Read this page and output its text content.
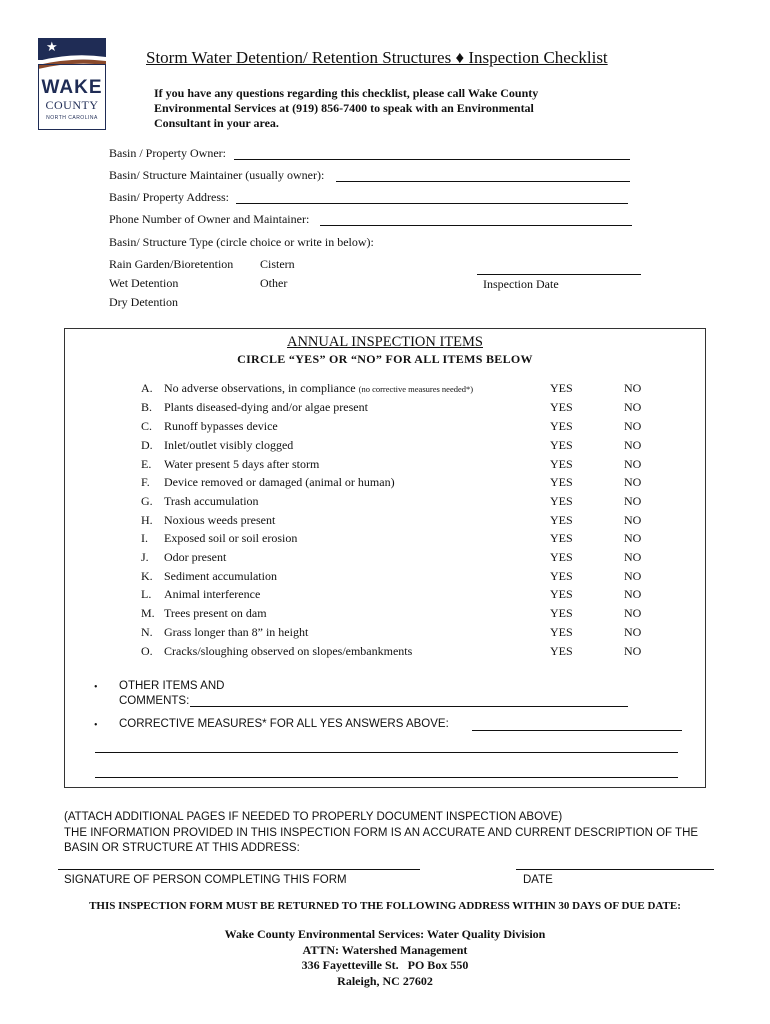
★
WAKE
COUNTY
NORTH CAROLINA
Storm Water Detention/ Retention Structures ♦ Inspection Checklist
If you have any questions regarding this checklist, please call Wake County Environmental Services at (919) 856-7400 to speak with an Environmental Consultant in your area.
Basin / Property Owner:
Basin/ Structure Maintainer (usually owner):
Basin/ Property Address:
Phone Number of Owner and Maintainer:
Basin/ Structure Type (circle choice or write in below):
Rain Garden/Bioretention Cistern
Wet Detention	Other
Dry Detention
Inspection Date
ANNUAL INSPECTION ITEMS
CIRCLE “YES” OR “NO” FOR ALL ITEMS BELOW
A. No adverse observations, in compliance (no corrective measures needed*)	YES	NO
B. Plants diseased-dying and/or algae present	YES	NO
C. Runoff bypasses device	YES	NO
D. Inlet/outlet visibly clogged	YES	NO
E. Water present 5 days after storm	YES	NO
F. Device removed or damaged (animal or human)	YES	NO
G. Trash accumulation	YES	NO
H. Noxious weeds present	YES	NO
I. Exposed soil or soil erosion	YES	NO
J. Odor present	YES	NO
K. Sediment accumulation	YES	NO
L. Animal interference	YES	NO
M. Trees present on dam	YES	NO
N. Grass longer than 8” in height	YES	NO
O. Cracks/sloughing observed on slopes/embankments	YES	NO
• OTHER ITEMS AND
COMMENTS:
• CORRECTIVE MEASURES* FOR ALL YES ANSWERS ABOVE:
(ATTACH ADDITIONAL PAGES IF NEEDED TO PROPERLY DOCUMENT INSPECTION ABOVE)
THE INFORMATION PROVIDED IN THIS INSPECTION FORM IS AN ACCURATE AND CURRENT DESCRIPTION OF THE BASIN OR STRUCTURE AT THIS ADDRESS:
SIGNATURE OF PERSON COMPLETING THIS FORM	DATE
THIS INSPECTION FORM MUST BE RETURNED TO THE FOLLOWING ADDRESS WITHIN 30 DAYS OF DUE DATE:
Wake County Environmental Services: Water Quality Division
ATTN: Watershed Management
336 Fayetteville St.   PO Box 550
Raleigh, NC 27602
